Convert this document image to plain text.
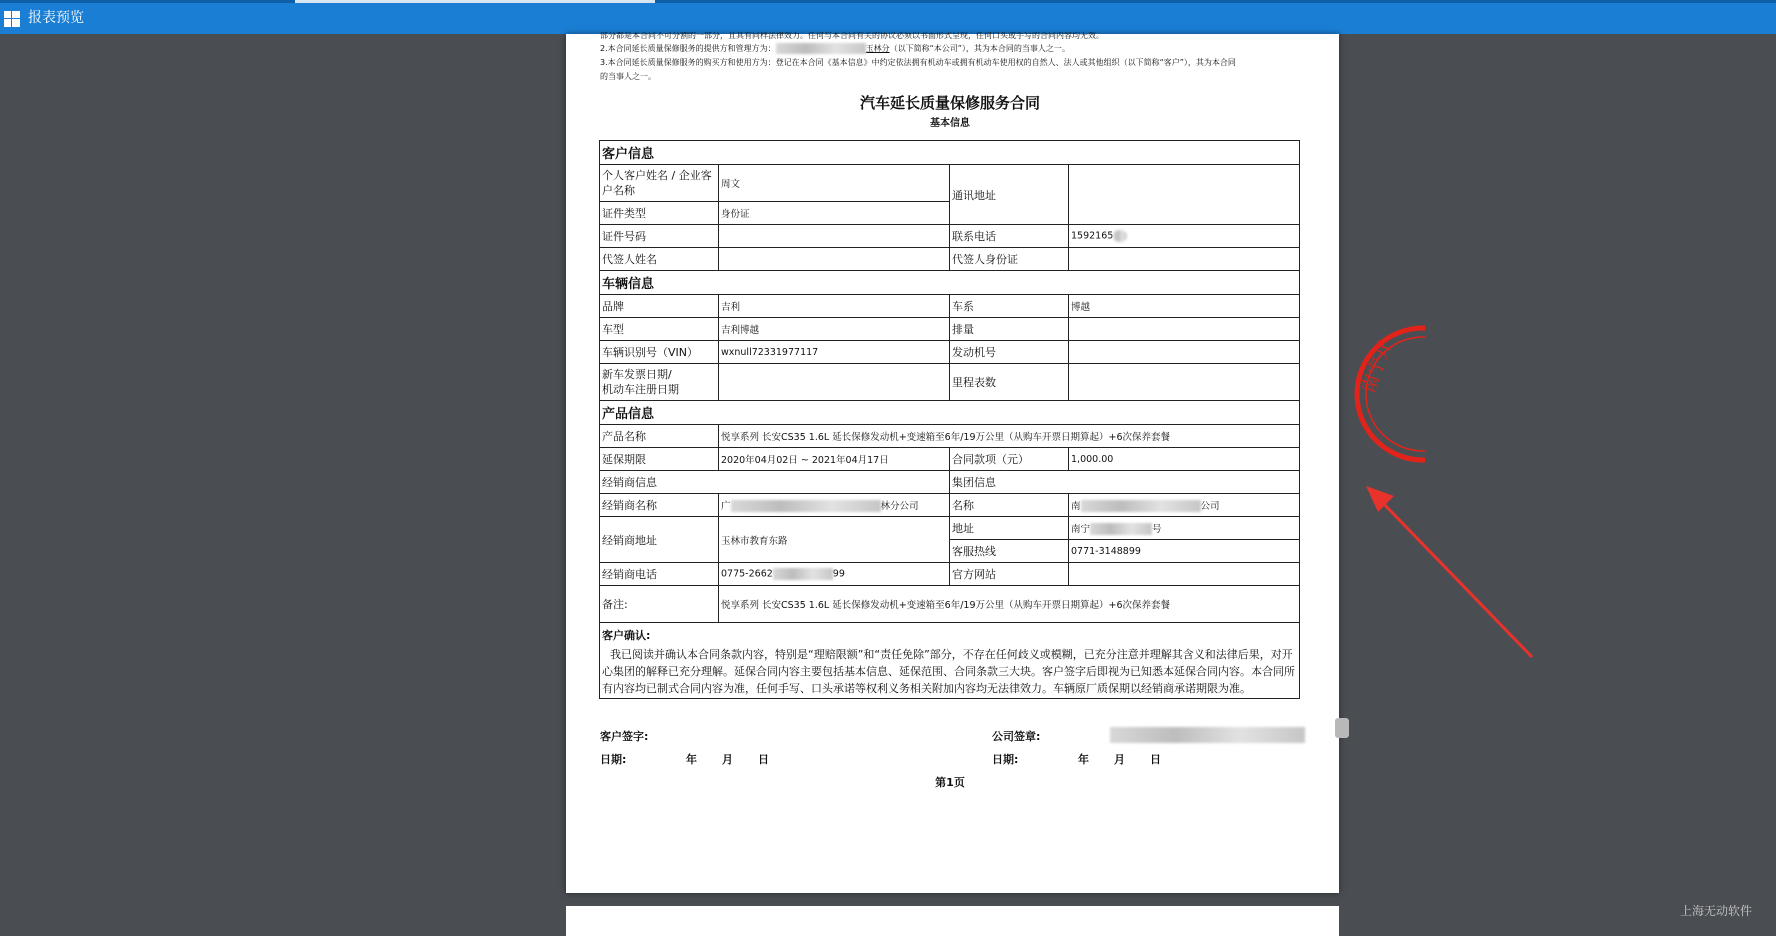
报表预览
部分都是本合同不可分割的一部分，且具有同样法律效力。任何与本合同有关的协议必须以书面形式呈现，任何口头或手写的合同内容均无效。
2.本合同延长质量保修服务的提供方和管理方为：	玉林分（以下简称“本公司”），其为本合同的当事人之一。
3.本合同延长质量保修服务的购买方和使用方为：登记在本合同《基本信息》中约定依法拥有机动车或拥有机动车使用权的自然人、法人或其他组织（以下简称“客户”），其为本合同
的当事人之一。
汽车延长质量保修服务合同
基本信息
客户信息			
个人客户姓名 / 企业客户名称	周文	通讯地址	
证件类型	身份证		
证件号码		联系电话	1592165
代签人姓名		代签人身份证	
车辆信息			
品牌	吉利	车系	博越
车型	吉利博越	排量	
车辆识别号（VIN）	wxnull72331977117	发动机号	

新车发票日期/
机动车注册日期		里程表数	
产品信息			
产品名称	悦享系列 长安CS35 1.6L 延长保修发动机+变速箱至6年/19万公里（从购车开票日期算起）+6次保养套餐		
延保期限	2020年04月02日 ~ 2021年04月17日	合同款项（元）	1,000.00
经销商信息		集团信息	
经销商名称	广 林分公司	名称	南 公司
经销商地址	玉林市教育东路	地址	南宁 号
		客服热线	0771-3148899
经销商电话	0775-2662 99	官方网站	
备注:	悦享系列 长安CS35 1.6L 延长保修发动机+变速箱至6年/19万公里（从购车开票日期算起）+6次保养套餐		

客户确认:
我已阅读并确认本合同条款内容，特别是“理赔限额”和“责任免除”部分，不存在任何歧义或模糊，已充分注意并理解其含义和法律后果，对开心集团的解释已充分理解。延保合同内容主要包括基本信息、延保范围、合同条款三大块。客户签字后即视为已知悉本延保合同内容。本合同所有内容均已制式合同内容为准，任何手写、口头承诺等权利义务相关附加内容均无法律效力。车辆原厂质保期以经销商承诺期限为准。			
客户签字:	公司签章:
日期:	年 月 日	日期:	年 月 日
第1页
南宁开
上海无动软件
